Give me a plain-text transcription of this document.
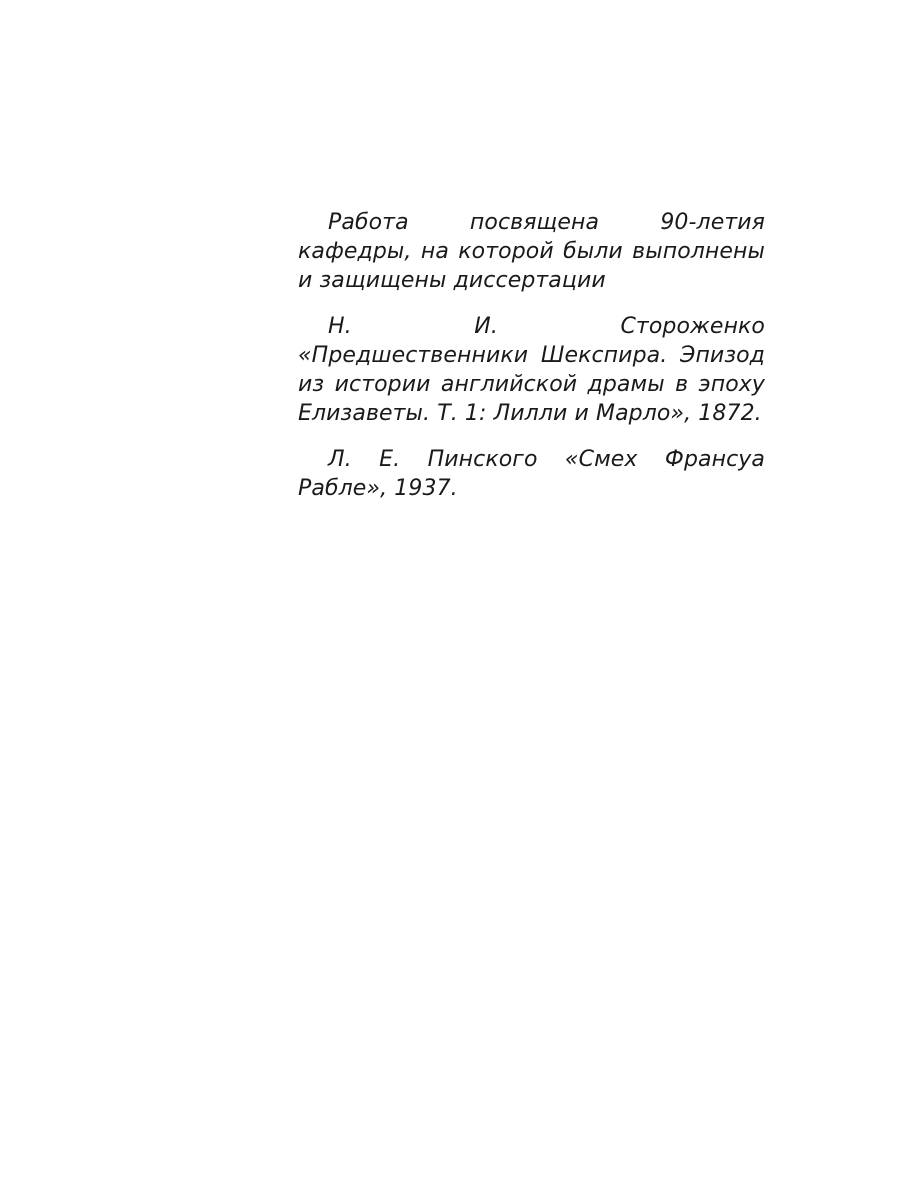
Работа посвящена 90-летия кафедры, на которой были выполнены и защищены диссертации

Н. И. Стороженко «Предшественники Шекспира. Эпизод из истории английской драмы в эпоху Елизаветы. Т. 1: Лилли и Марло», 1872.

Л. Е. Пинского «Смех Франсуа Рабле», 1937.
